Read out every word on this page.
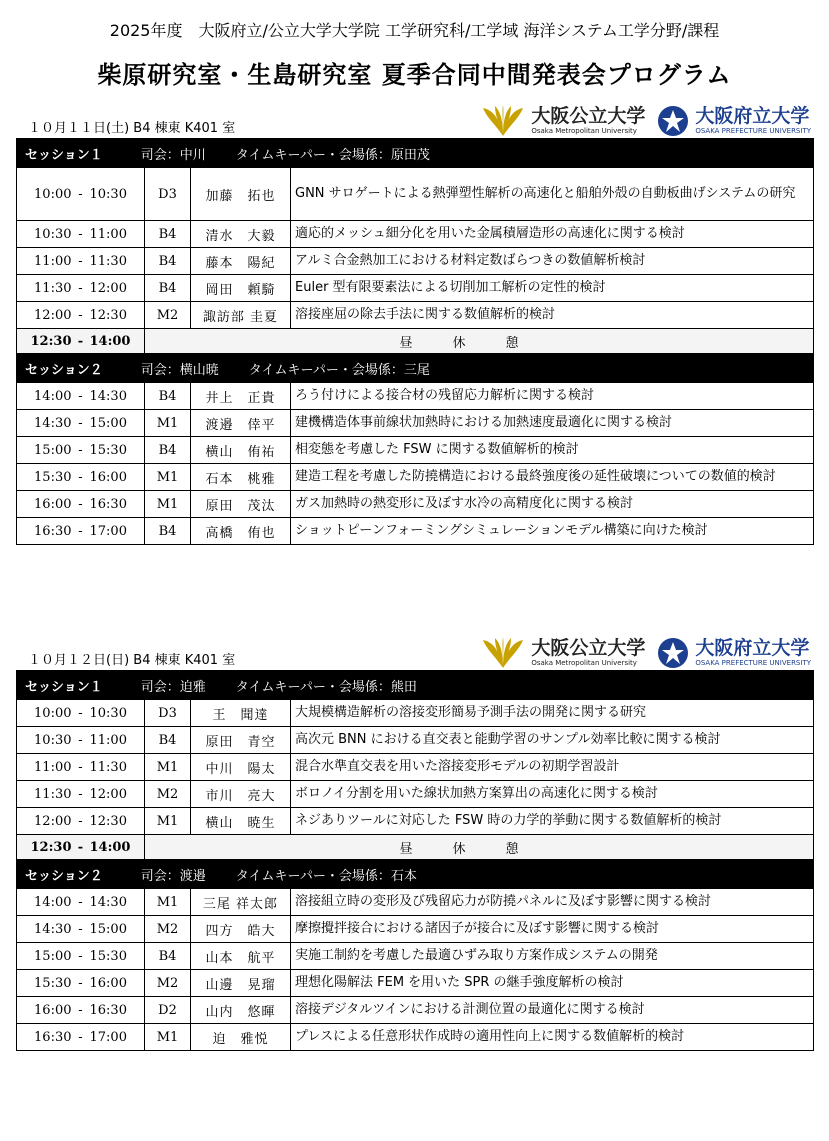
2025年度　大阪府立/公立大学大学院 工学研究科/工学域 海洋システム工学分野/課程
柴原研究室・生島研究室 夏季合同中間発表会プログラム
１０月１１日(土) B4 棟東 K401 室
大阪公立大学
Osaka Metropolitan University
大阪府立大学
OSAKA PREFECTURE UNIVERSITY
セッション１ 司会：中川 タイムキーパー・会場係：原田茂			
10:00 - 10:30	D3	加藤　拓也	GNN サロゲートによる熱弾塑性解析の高速化と船舶外殻の自動板曲げシステムの研究
10:30 - 11:00	B4	清水　大毅	適応的メッシュ細分化を用いた金属積層造形の高速化に関する検討
11:00 - 11:30	B4	藤本　陽紀	アルミ合金熱加工における材料定数ばらつきの数値解析検討
11:30 - 12:00	B4	岡田　頼騎	Euler 型有限要素法による切削加工解析の定性的検討
12:00 - 12:30	M2	諏訪部 圭夏	溶接座屈の除去手法に関する数値解析的検討
12:30 - 14:00	昼休憩		
セッション２ 司会：横山暁 タイムキーパー・会場係：三尾			
14:00 - 14:30	B4	井上　正貴	ろう付けによる接合材の残留応力解析に関する検討
14:30 - 15:00	M1	渡邉　倖平	建機構造体事前線状加熱時における加熱速度最適化に関する検討
15:00 - 15:30	B4	横山　侑祐	相変態を考慮した FSW に関する数値解析的検討
15:30 - 16:00	M1	石本　桃雅	建造工程を考慮した防撓構造における最終強度後の延性破壊についての数値的検討
16:00 - 16:30	M1	原田　茂汰	ガス加熱時の熱変形に及ぼす水冷の高精度化に関する検討
16:30 - 17:00	B4	高橋　侑也	ショットピーンフォーミングシミュレーションモデル構築に向けた検討
１０月１２日(日) B4 棟東 K401 室
大阪公立大学
Osaka Metropolitan University
大阪府立大学
OSAKA PREFECTURE UNIVERSITY
セッション１ 司会：迫雅 タイムキーパー・会場係：熊田			
10:00 - 10:30	D3	王　聞達	大規模構造解析の溶接変形簡易予測手法の開発に関する研究
10:30 - 11:00	B4	原田　青空	高次元 BNN における直交表と能動学習のサンプル効率比較に関する検討
11:00 - 11:30	M1	中川　陽太	混合水準直交表を用いた溶接変形モデルの初期学習設計
11:30 - 12:00	M2	市川　亮大	ボロノイ分割を用いた線状加熱方案算出の高速化に関する検討
12:00 - 12:30	M1	横山　暁生	ネジありツールに対応した FSW 時の力学的挙動に関する数値解析的検討
12:30 - 14:00	昼休憩		
セッション２ 司会：渡邉 タイムキーパー・会場係：石本			
14:00 - 14:30	M1	三尾 祥太郎	溶接組立時の変形及び残留応力が防撓パネルに及ぼす影響に関する検討
14:30 - 15:00	M2	四方　皓大	摩擦攪拌接合における諸因子が接合に及ぼす影響に関する検討
15:00 - 15:30	B4	山本　航平	実施工制約を考慮した最適ひずみ取り方案作成システムの開発
15:30 - 16:00	M2	山邊　晃瑠	理想化陽解法 FEM を用いた SPR の継手強度解析の検討
16:00 - 16:30	D2	山内　悠暉	溶接デジタルツインにおける計測位置の最適化に関する検討
16:30 - 17:00	M1	迫　雅悦	プレスによる任意形状作成時の適用性向上に関する数値解析的検討
